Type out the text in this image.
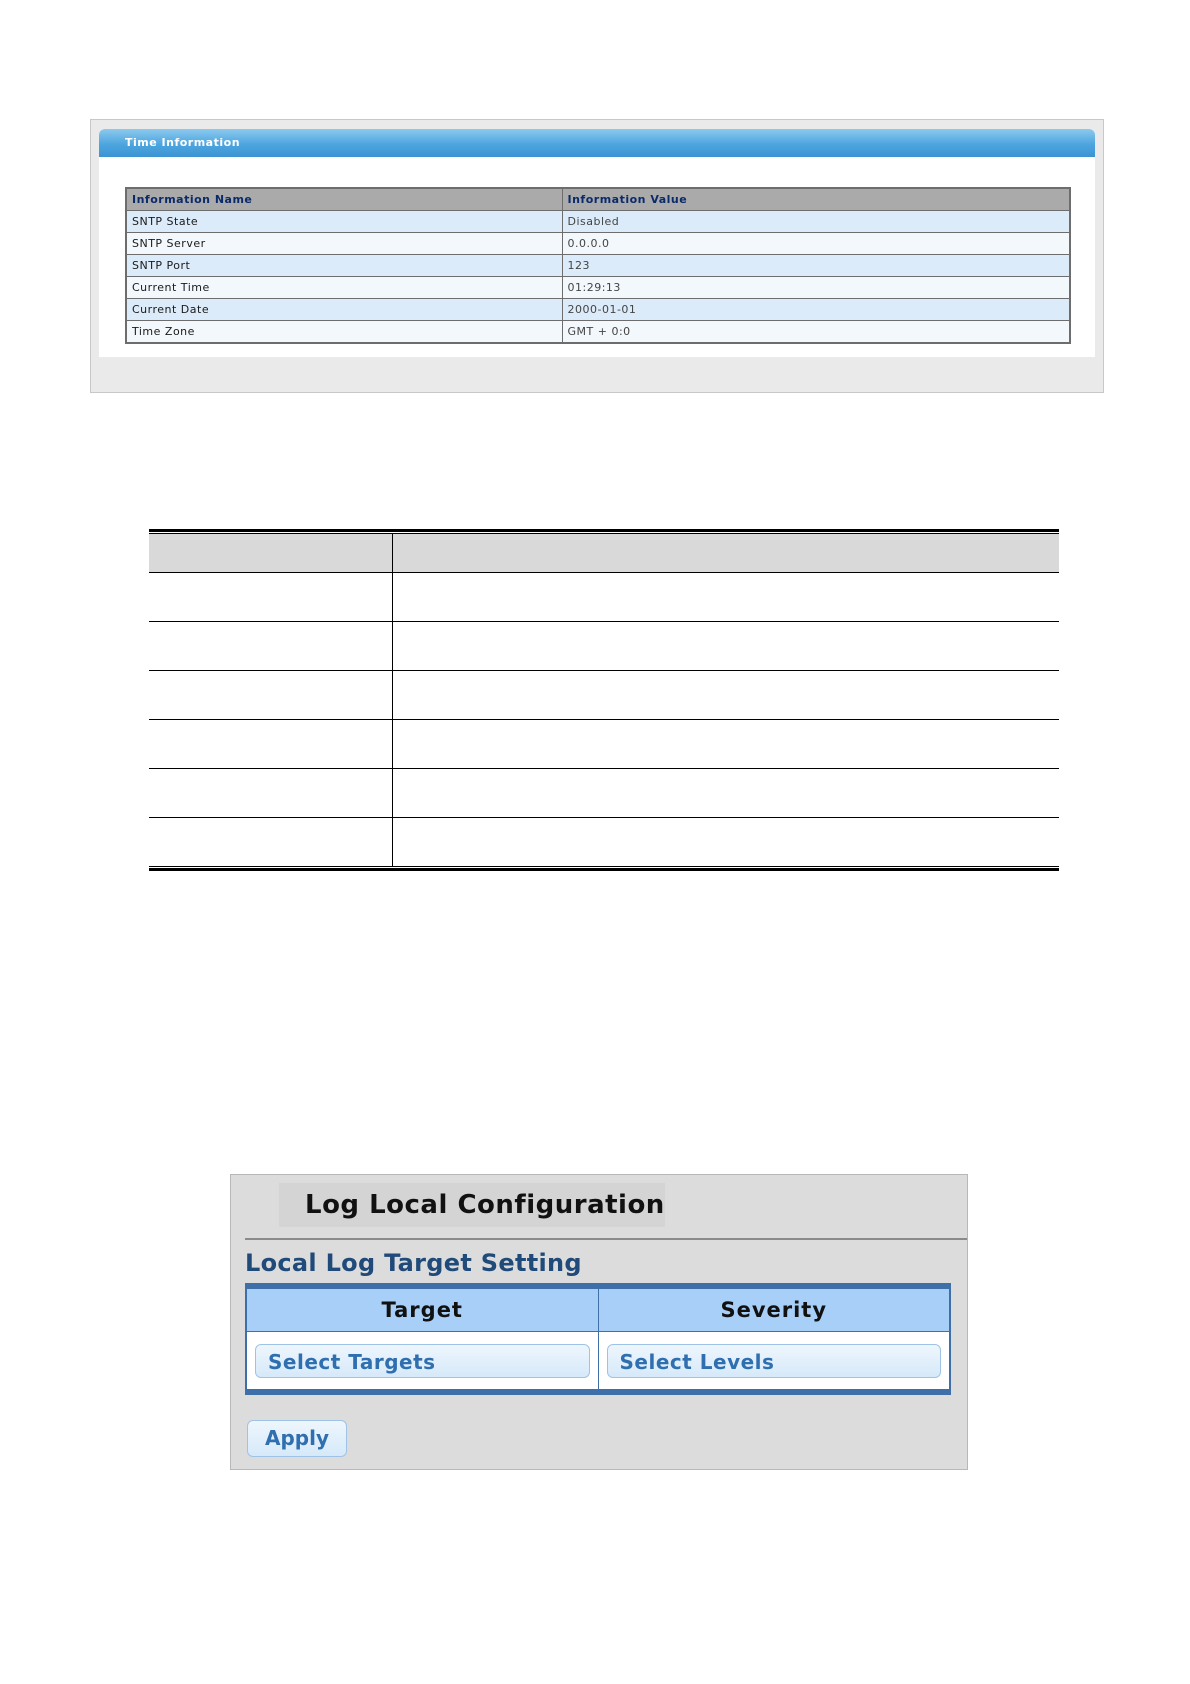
Time Information
Information Name	Information Value
SNTP State	Disabled
SNTP Server	0.0.0.0
SNTP Port	123
Current Time	01:29:13
Current Date	2000-01-01
Time Zone	GMT + 0:0
Log Local Configuration
Local Log Target Setting
Target	Severity
Select Targets	Select Levels
Apply
